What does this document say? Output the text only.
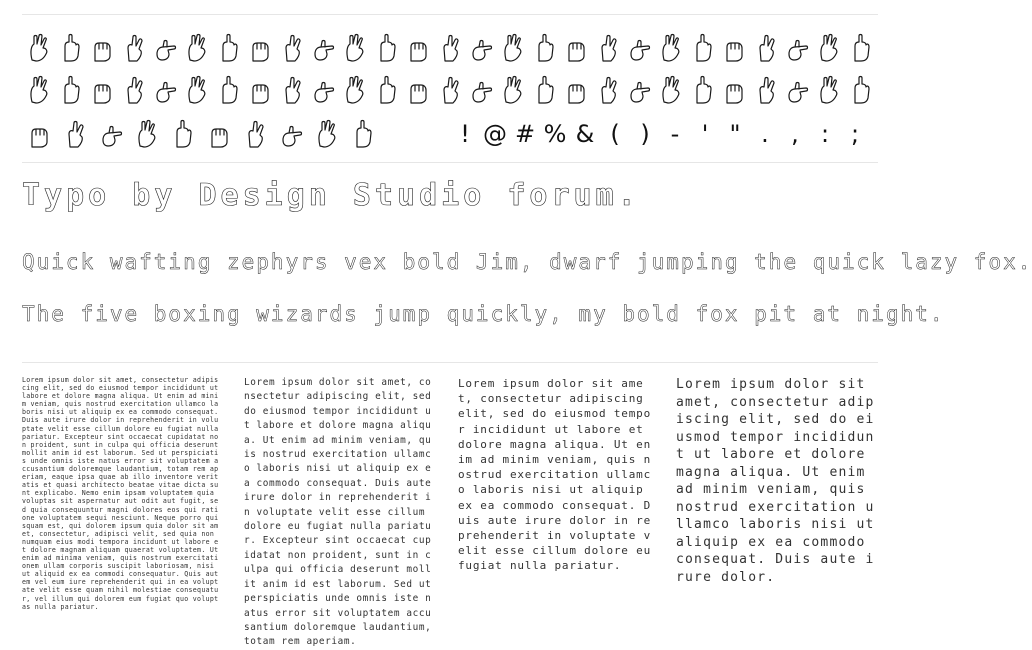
! @ # % & ( ) - ' " . , : ;
Typo by Design Studio forum.
Quick wafting zephyrs vex bold Jim, dwarf jumping the quick lazy fox.
The five boxing wizards jump quickly, my bold fox pit at night.
Lorem ipsum dolor sit amet, consectetur adipiscing elit, sed do eiusmod tempor incididunt ut labore et dolore magna aliqua. Ut enim ad minim veniam, quis nostrud exercitation ullamco laboris nisi ut aliquip ex ea commodo consequat. Duis aute irure dolor in reprehenderit in voluptate velit esse cillum dolore eu fugiat nulla pariatur. Excepteur sint occaecat cupidatat non proident, sunt in culpa qui officia deserunt mollit anim id est laborum. Sed ut perspiciatis unde omnis iste natus error sit voluptatem accusantium doloremque laudantium, totam rem aperiam, eaque ipsa quae ab illo inventore veritatis et quasi architecto beatae vitae dicta sunt explicabo. Nemo enim ipsam voluptatem quia voluptas sit aspernatur aut odit aut fugit, sed quia consequuntur magni dolores eos qui ratione voluptatem sequi nesciunt. Neque porro quisquam est, qui dolorem ipsum quia dolor sit amet, consectetur, adipisci velit, sed quia non numquam eius modi tempora incidunt ut labore et dolore magnam aliquam quaerat voluptatem. Ut enim ad minima veniam, quis nostrum exercitationem ullam corporis suscipit laboriosam, nisi ut aliquid ex ea commodi consequatur. Quis autem vel eum iure reprehenderit qui in ea voluptate velit esse quam nihil molestiae consequatur, vel illum qui dolorem eum fugiat quo voluptas nulla pariatur.
Lorem ipsum dolor sit amet, consectetur adipiscing elit, sed do eiusmod tempor incididunt ut labore et dolore magna aliqua. Ut enim ad minim veniam, quis nostrud exercitation ullamco laboris nisi ut aliquip ex ea commodo consequat. Duis aute irure dolor in reprehenderit in voluptate velit esse cillum dolore eu fugiat nulla pariatur. Excepteur sint occaecat cupidatat non proident, sunt in culpa qui officia deserunt mollit anim id est laborum. Sed ut perspiciatis unde omnis iste natus error sit voluptatem accusantium doloremque laudantium, totam rem aperiam.
Lorem ipsum dolor sit amet, consectetur adipiscing elit, sed do eiusmod tempor incididunt ut labore et dolore magna aliqua. Ut enim ad minim veniam, quis nostrud exercitation ullamco laboris nisi ut aliquip ex ea commodo consequat. Duis aute irure dolor in reprehenderit in voluptate velit esse cillum dolore eu fugiat nulla pariatur.
Lorem ipsum dolor sit amet, consectetur adipiscing elit, sed do eiusmod tempor incididunt ut labore et dolore magna aliqua. Ut enim ad minim veniam, quis nostrud exercitation ullamco laboris nisi ut aliquip ex ea commodo consequat. Duis aute irure dolor.
